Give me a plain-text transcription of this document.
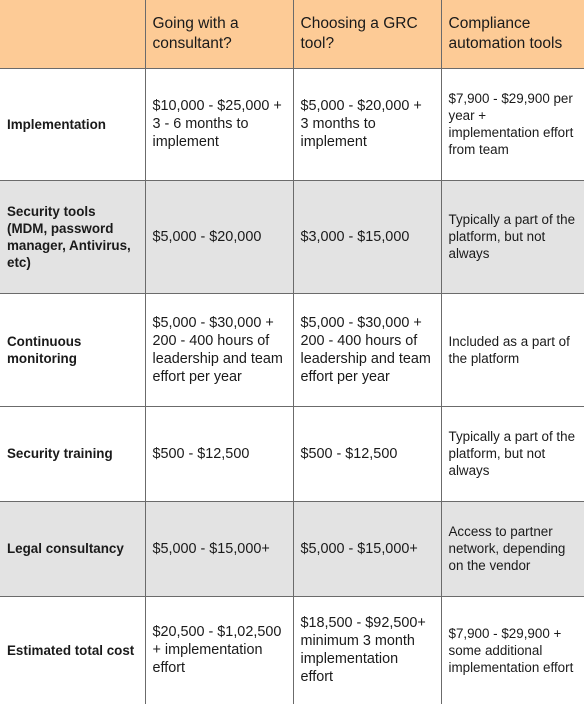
	Going with a consultant?	Choosing a GRC tool?	Compliance automation tools
Implementation	$10,000 - $25,000 + 3 - 6 months to implement	$5,000 - $20,000 + 3 months to implement	$7,900 - $29,900 per year + implementation effort from team
Security tools (MDM, password manager, Antivirus, etc)	$5,000 - $20,000	$3,000 - $15,000	Typically a part of the platform, but not always
Continuous monitoring	$5,000 - $30,000 + 200 - 400 hours of leadership and team effort per year	$5,000 - $30,000 + 200 - 400 hours of leadership and team effort per year	Included as a part of the platform
Security training	$500 - $12,500	$500 - $12,500	Typically a part of the platform, but not always
Legal consultancy	$5,000 - $15,000+	$5,000 - $15,000+	Access to partner network, depending on the vendor
Estimated total cost	$20,500 - $1,02,500 + implementation effort	$18,500 - $92,500+ minimum 3 month implementation effort	$7,900 - $29,900 + some additional implementation effort
